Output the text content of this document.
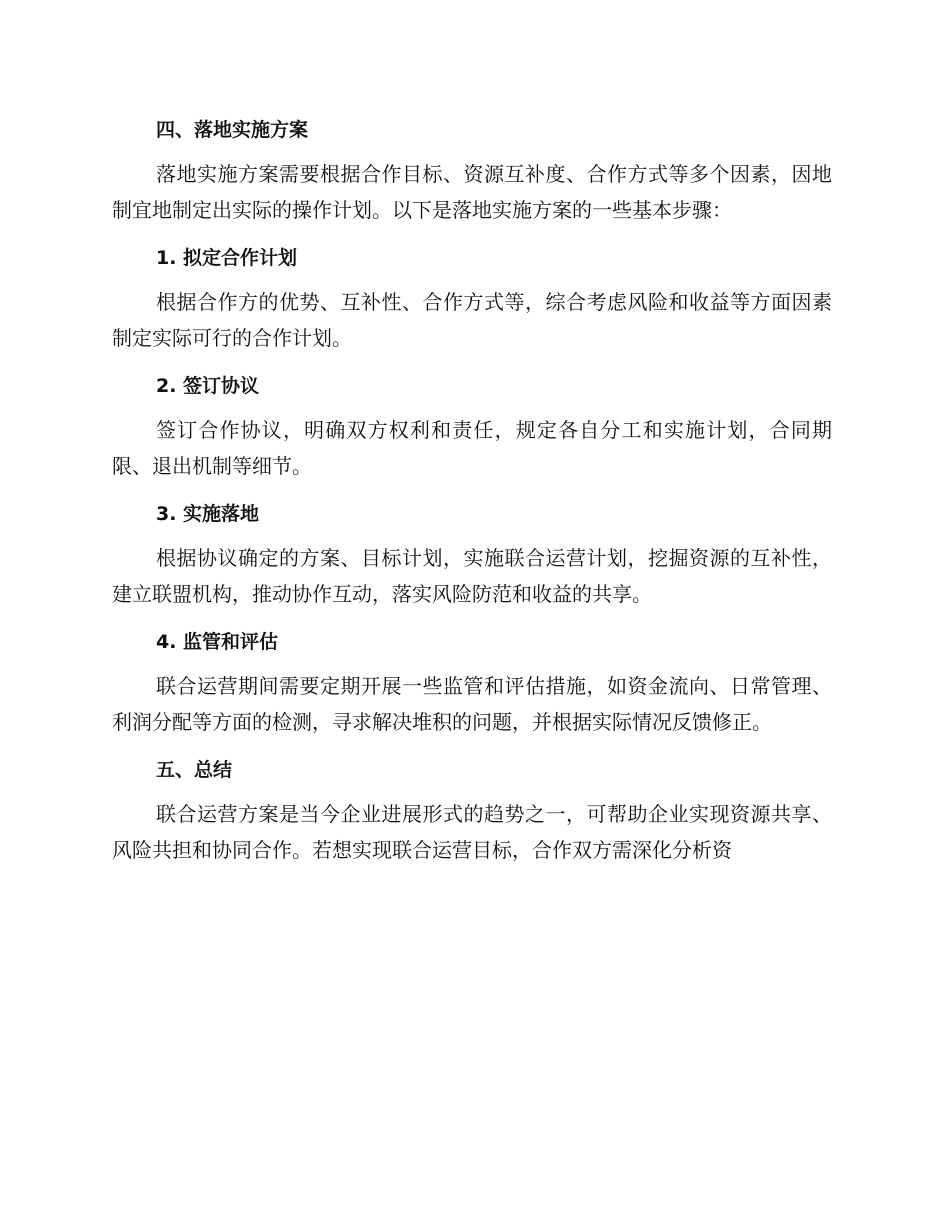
四、落地实施方案

落地实施方案需要根据合作目标、资源互补度、合作方式等多个因素，因地制宜地制定出实际的操作计划。以下是落地实施方案的一些基本步骤：

1. 拟定合作计划

根据合作方的优势、互补性、合作方式等，综合考虑风险和收益等方面因素制定实际可行的合作计划。

2. 签订协议

签订合作协议，明确双方权利和责任，规定各自分工和实施计划，合同期限、退出机制等细节。

3. 实施落地

根据协议确定的方案、目标计划，实施联合运营计划，挖掘资源的互补性，建立联盟机构，推动协作互动，落实风险防范和收益的共享。

4. 监管和评估

联合运营期间需要定期开展一些监管和评估措施，如资金流向、日常管理、利润分配等方面的检测，寻求解决堆积的问题，并根据实际情况反馈修正。

五、总结

联合运营方案是当今企业进展形式的趋势之一，可帮助企业实现资源共享、风险共担和协同合作。若想实现联合运营目标，合作双方需深化分析资
